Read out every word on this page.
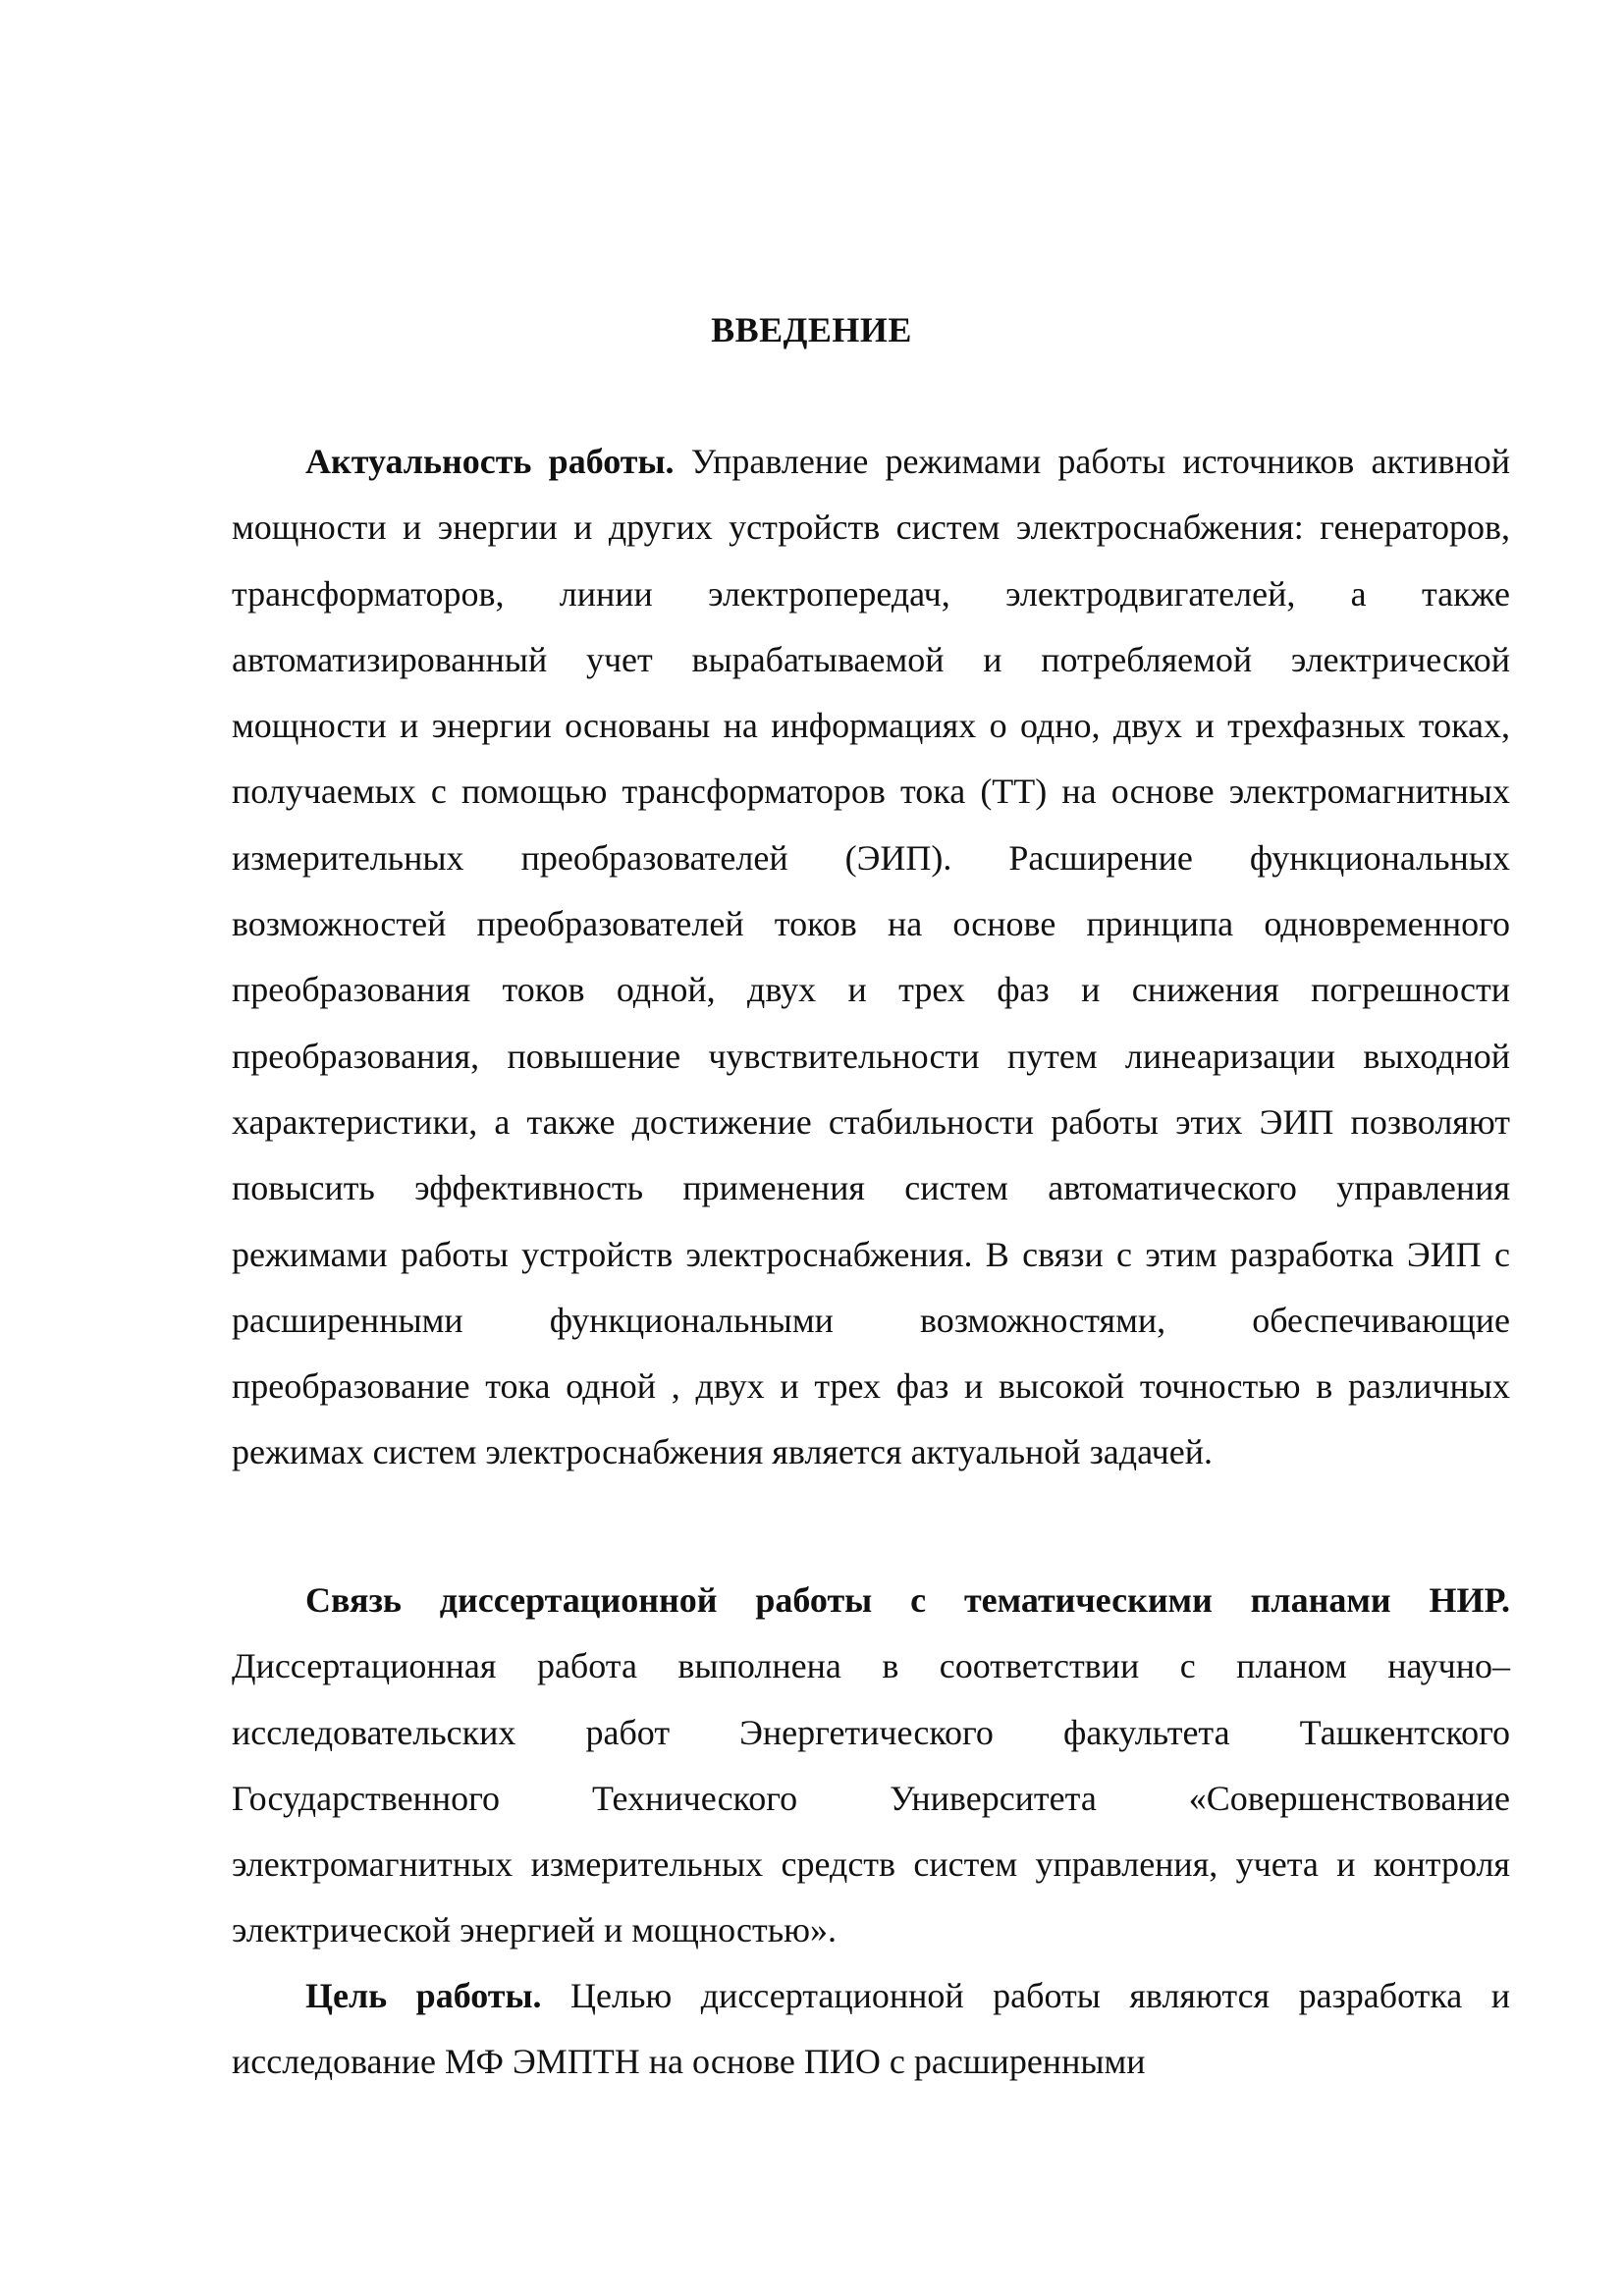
ВВЕДЕНИЕ

Актуальность работы. Управление режимами работы источников активной мощности и энергии и других устройств систем электроснабжения: генераторов, трансформаторов, линии электропередач, электродвигателей, а также автоматизированный учет вырабатываемой и потребляемой электрической мощности и энергии основаны на информациях о одно, двух и трехфазных токах, получаемых с помощью трансформаторов тока (ТТ) на основе электромагнитных измерительных преобразователей (ЭИП). Расширение функциональных возможностей преобразователей токов на основе принципа одновременного преобразования токов одной, двух и трех фаз и снижения погрешности преобразования, повышение чувствительности путем линеаризации выходной характеристики, а также достижение стабильности работы этих ЭИП позволяют повысить эффективность применения систем автоматического управления режимами работы устройств электроснабжения. В связи с этим разработка ЭИП с расширенными функциональными возможностями, обеспечивающие преобразование тока одной , двух и трех фаз и высокой точностью в различных режимах систем электроснабжения является актуальной задачей.

Связь диссертационной работы с тематическими планами НИР. Диссертационная работа выполнена в соответствии с планом научно–исследовательских работ Энергетического факультета Ташкентского Государственного Технического Университета «Совершенствование электромагнитных измерительных средств систем управления, учета и контроля электрической энергией и мощностью».

Цель работы. Целью диссертационной работы являются разработка и исследование МФ ЭМПТН на основе ПИО с расширенными
